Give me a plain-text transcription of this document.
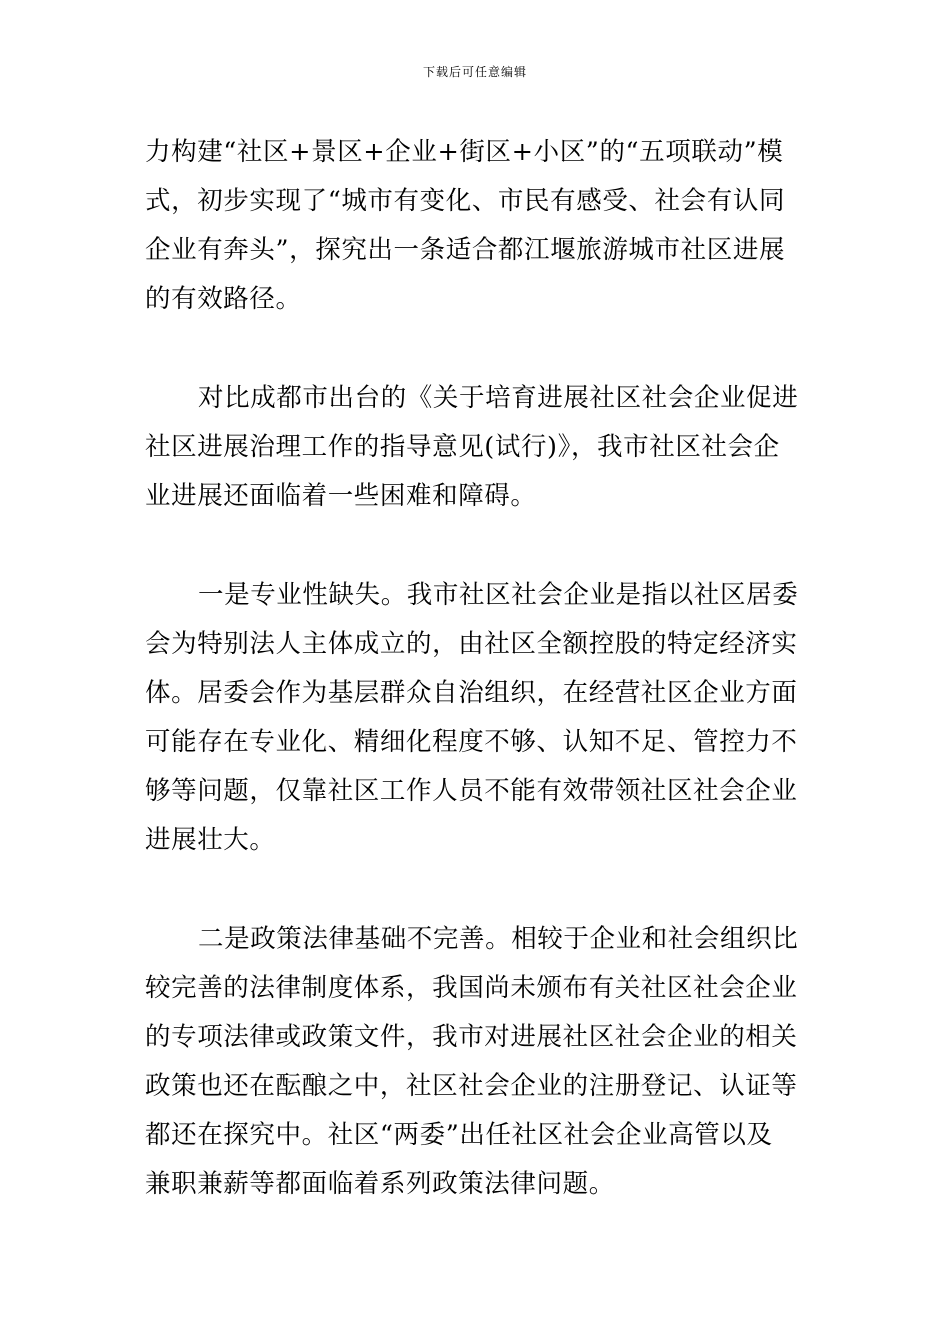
下载后可任意编辑
力构建“社区+景区+企业+街区+小区”的“五项联动”模
式，初步实现了“城市有变化、市民有感受、社会有认同
企业有奔头”，探究出一条适合都江堰旅游城市社区进展
的有效路径。
对比成都市出台的《关于培育进展社区社会企业促进
社区进展治理工作的指导意见(试行)》，我市社区社会企
业进展还面临着一些困难和障碍。
一是专业性缺失。我市社区社会企业是指以社区居委
会为特别法人主体成立的，由社区全额控股的特定经济实
体。居委会作为基层群众自治组织，在经营社区企业方面
可能存在专业化、精细化程度不够、认知不足、管控力不
够等问题，仅靠社区工作人员不能有效带领社区社会企业
进展壮大。
二是政策法律基础不完善。相较于企业和社会组织比
较完善的法律制度体系，我国尚未颁布有关社区社会企业
的专项法律或政策文件，我市对进展社区社会企业的相关
政策也还在酝酿之中，社区社会企业的注册登记、认证等
都还在探究中。社区“两委”出任社区社会企业高管以及
兼职兼薪等都面临着系列政策法律问题。
